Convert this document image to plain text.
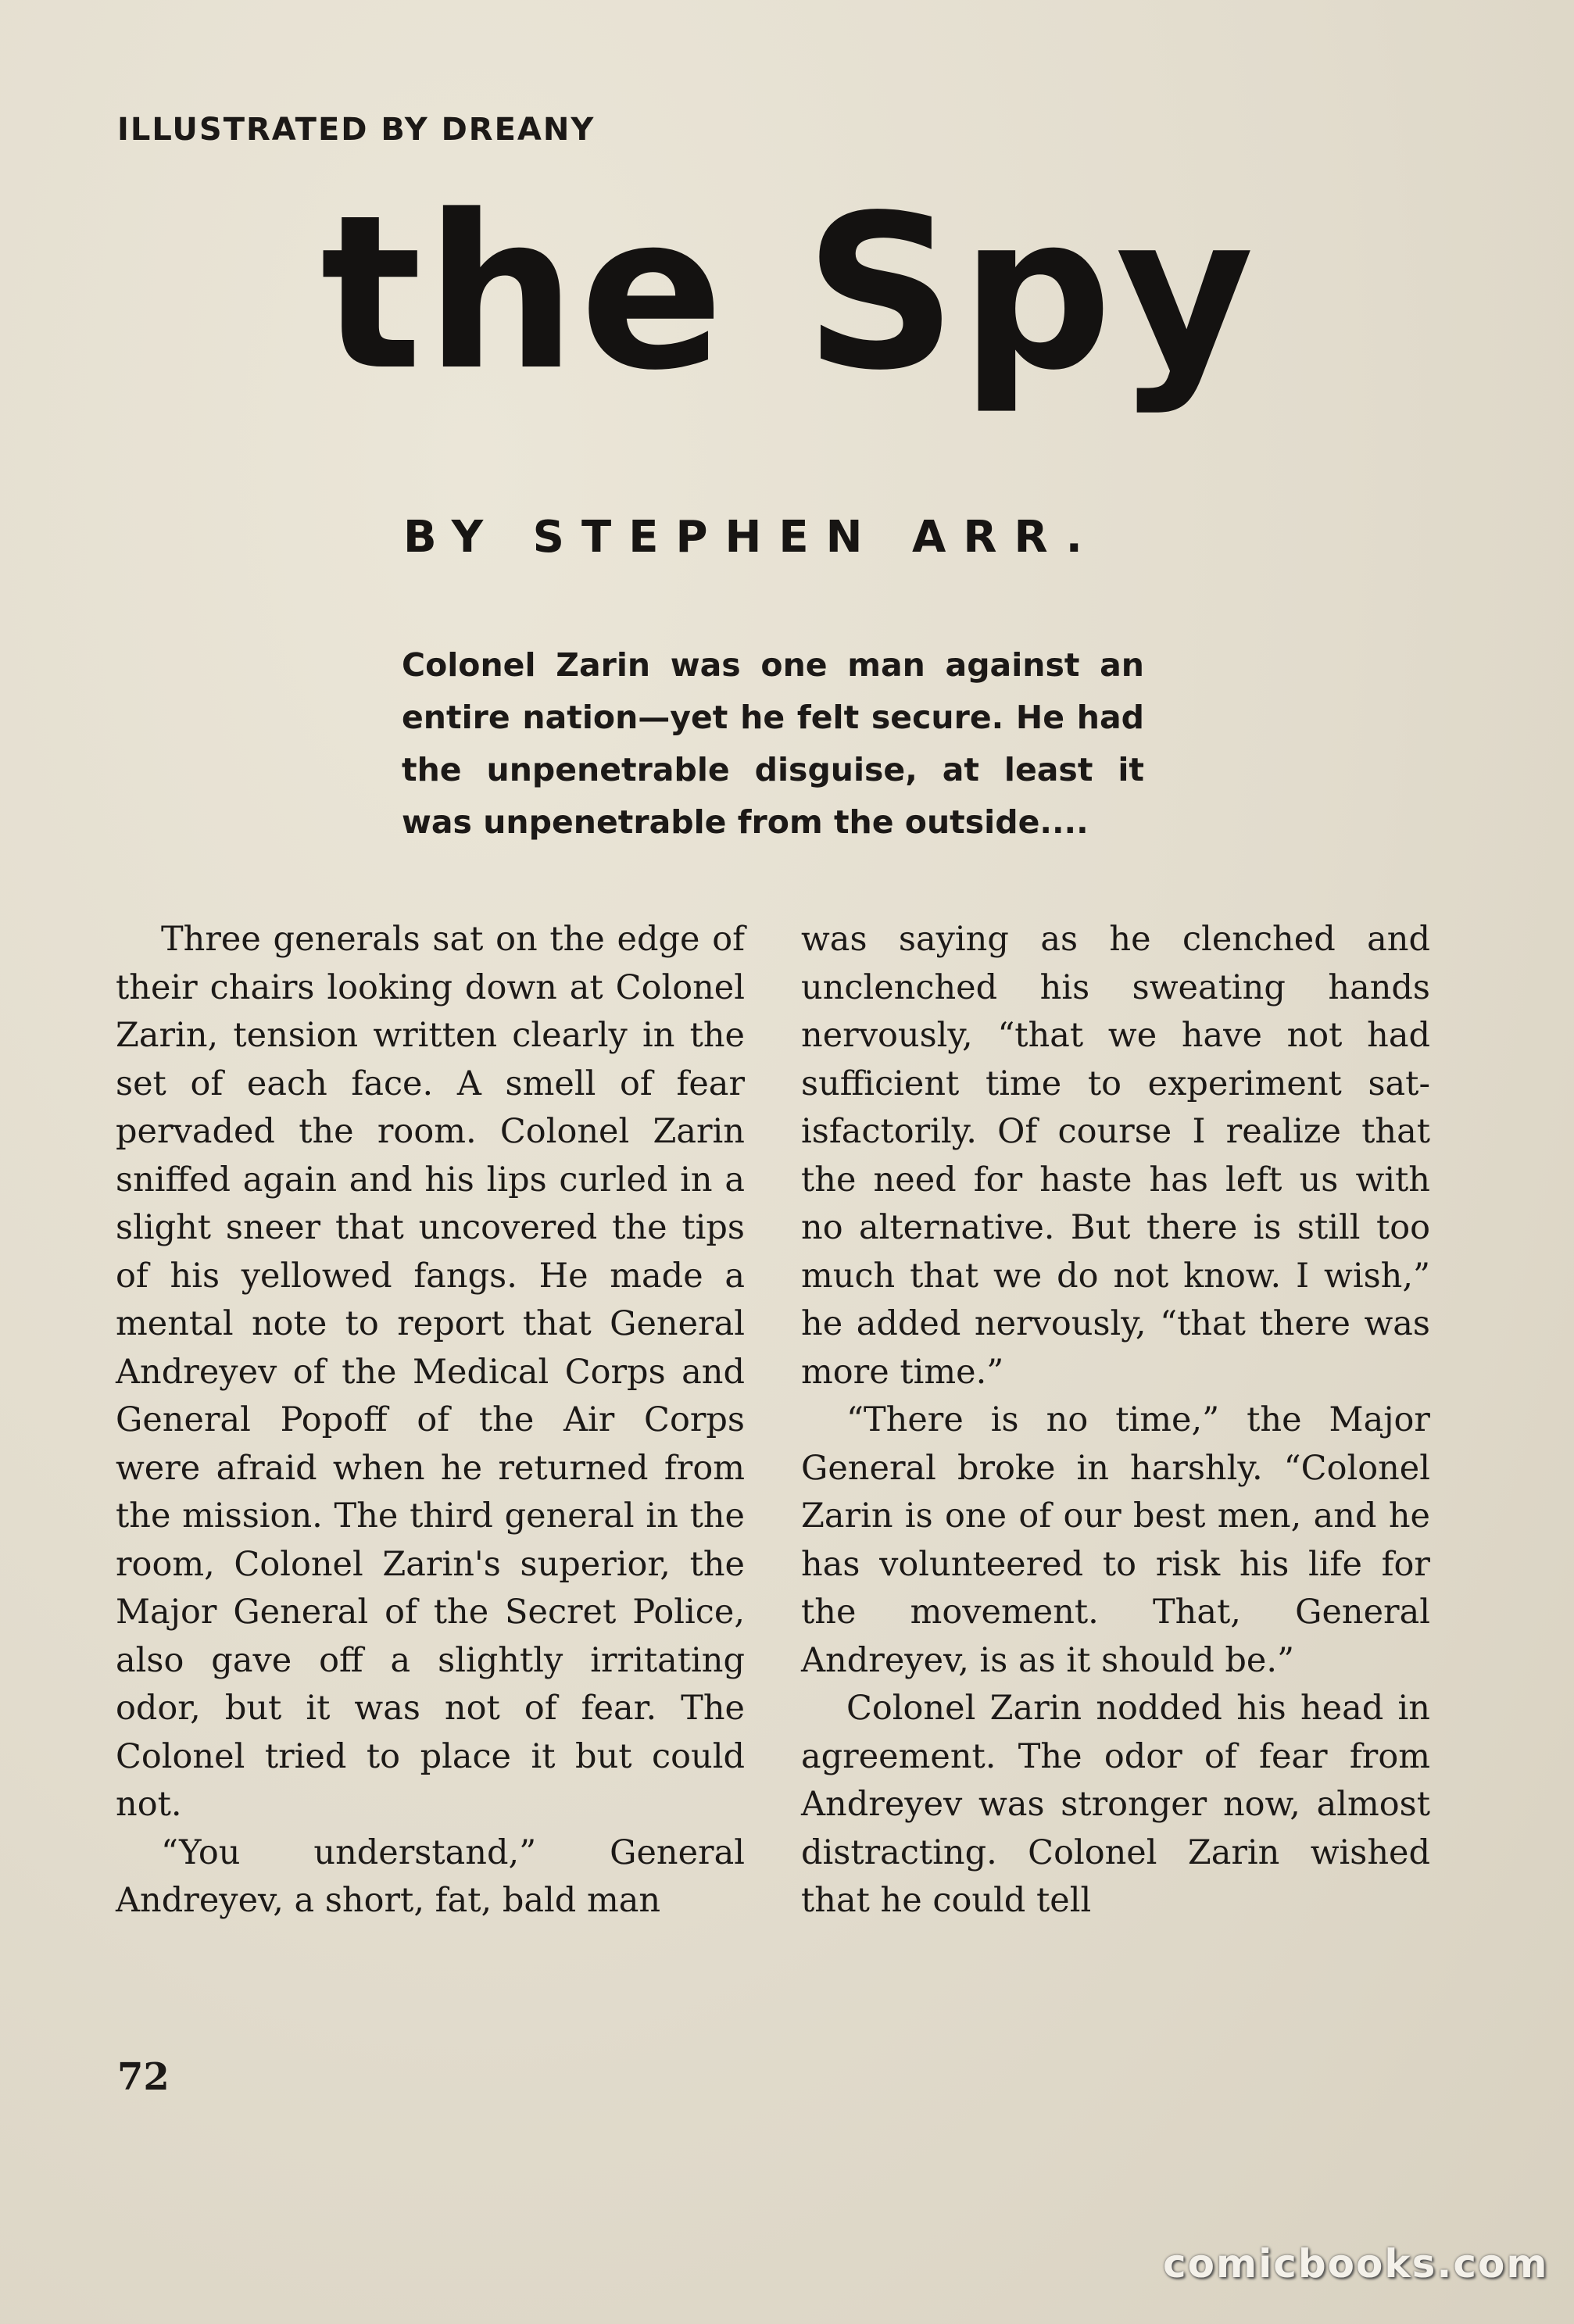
ILLUSTRATED BY DREANY
the Spy
BY STEPHEN ARR.
Colonel Zarin was one man against an entire nation—yet he felt secure. He had the unpenetrable disguise, at least it was unpenetrable from the outside....

Three generals sat on the edge of their chairs looking down at Colonel Zarin, tension written clearly in the set of each face. A smell of fear pervaded the room. Colonel Zarin sniffed again and his lips curled in a slight sneer that uncovered the tips of his yellowed fangs. He made a mental note to report that General Andreyev of the Medical Corps and General Popoff of the Air Corps were afraid when he returned from the mission. The third general in the room, Colonel Zarin's superior, the Major General of the Secret Police, also gave off a slightly irritating odor, but it was not of fear. The Colonel tried to place it but could not.

“You understand,” General Andreyev, a short, fat, bald man

was saying as he clenched and unclenched his sweating hands nervously, “that we have not had sufficient time to experiment satisfactorily. Of course I realize that the need for haste has left us with no alternative. But there is still too much that we do not know. I wish,” he added nervously, “that there was more time.”

“There is no time,” the Major General broke in harshly. “Colonel Zarin is one of our best men, and he has volunteered to risk his life for the movement. That, General Andreyev, is as it should be.”

Colonel Zarin nodded his head in agreement. The odor of fear from Andreyev was stronger now, almost distracting. Colonel Zarin wished that he could tell

72
comicbooks.com
